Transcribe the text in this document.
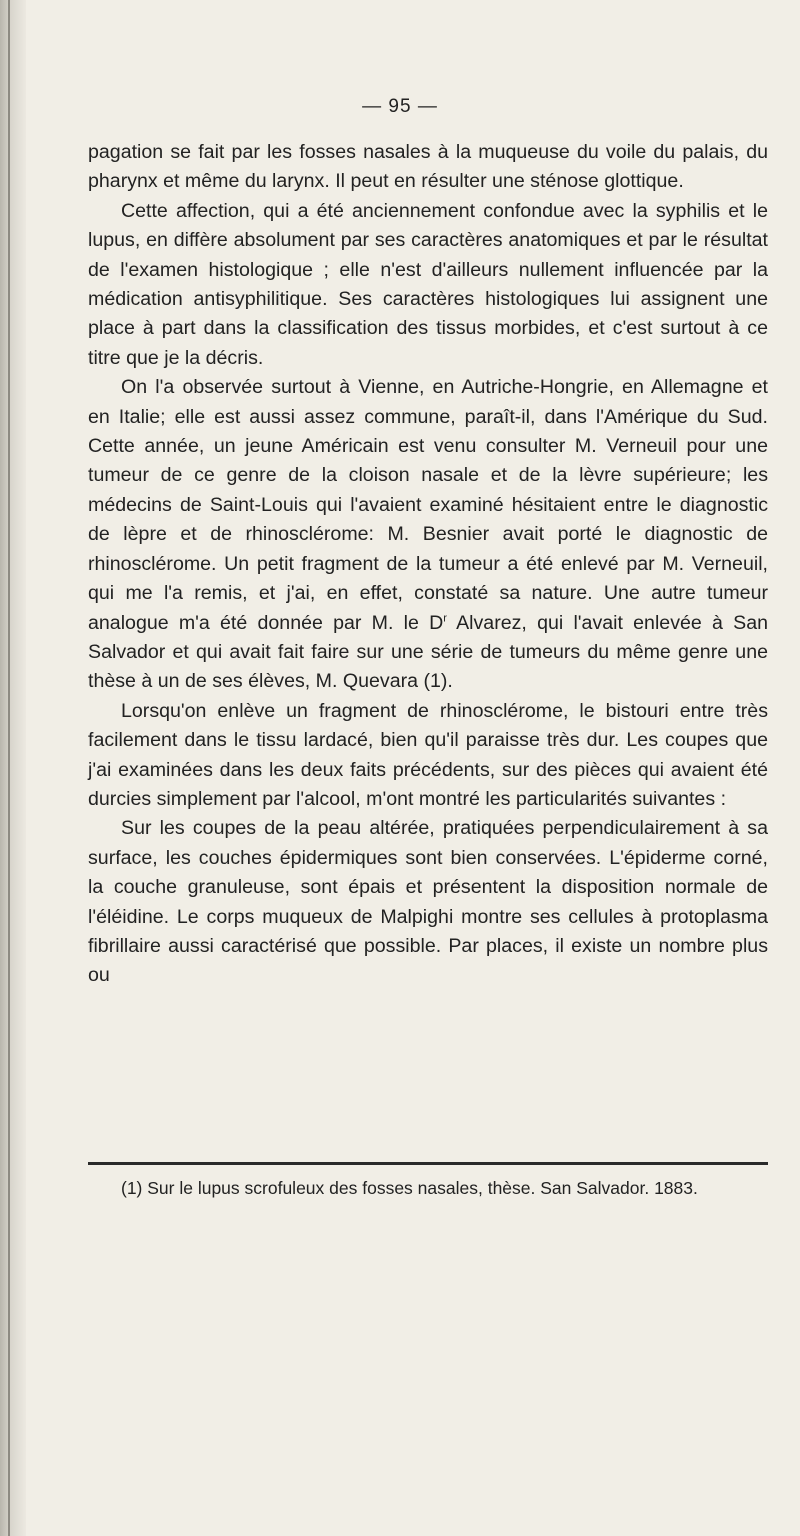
— 95 —

pagation se fait par les fosses nasales à la muqueuse du voile du palais, du pharynx et même du larynx. Il peut en résulter une sténose glottique.

Cette affection, qui a été anciennement confondue avec la syphilis et le lupus, en diffère absolument par ses caractères anatomiques et par le résultat de l'examen histologique ; elle n'est d'ailleurs nullement influencée par la médication antisyphilitique. Ses caractères histologiques lui assignent une place à part dans la classification des tissus morbides, et c'est surtout à ce titre que je la décris.

On l'a observée surtout à Vienne, en Autriche-Hongrie, en Allemagne et en Italie; elle est aussi assez commune, paraît-il, dans l'Amérique du Sud. Cette année, un jeune Américain est venu consulter M. Verneuil pour une tumeur de ce genre de la cloison nasale et de la lèvre supérieure; les médecins de Saint-Louis qui l'avaient examiné hésitaient entre le diagnostic de lèpre et de rhinosclérome: M. Besnier avait porté le diagnostic de rhinosclérome. Un petit fragment de la tumeur a été enlevé par M. Verneuil, qui me l'a remis, et j'ai, en effet, constaté sa nature. Une autre tumeur analogue m'a été donnée par M. le $D^r$ Alvarez, qui l'avait enlevée à San Salvador et qui avait fait faire sur une série de tumeurs du même genre une thèse à un de ses élèves, M. Quevara (1).

Lorsqu'on enlève un fragment de rhinosclérome, le bistouri entre très facilement dans le tissu lardacé, bien qu'il paraisse très dur. Les coupes que j'ai examinées dans les deux faits précédents, sur des pièces qui avaient été durcies simplement par l'alcool, m'ont montré les particularités suivantes :

Sur les coupes de la peau altérée, pratiquées perpendiculairement à sa surface, les couches épidermiques sont bien conservées. L'épiderme corné, la couche granuleuse, sont épais et présentent la disposition normale de l'éléidine. Le corps muqueux de Malpighi montre ses cellules à protoplasma fibrillaire aussi caractérisé que possible. Par places, il existe un nombre plus ou

(1) Sur le lupus scrofuleux des fosses nasales, thèse. San Salvador. 1883.
